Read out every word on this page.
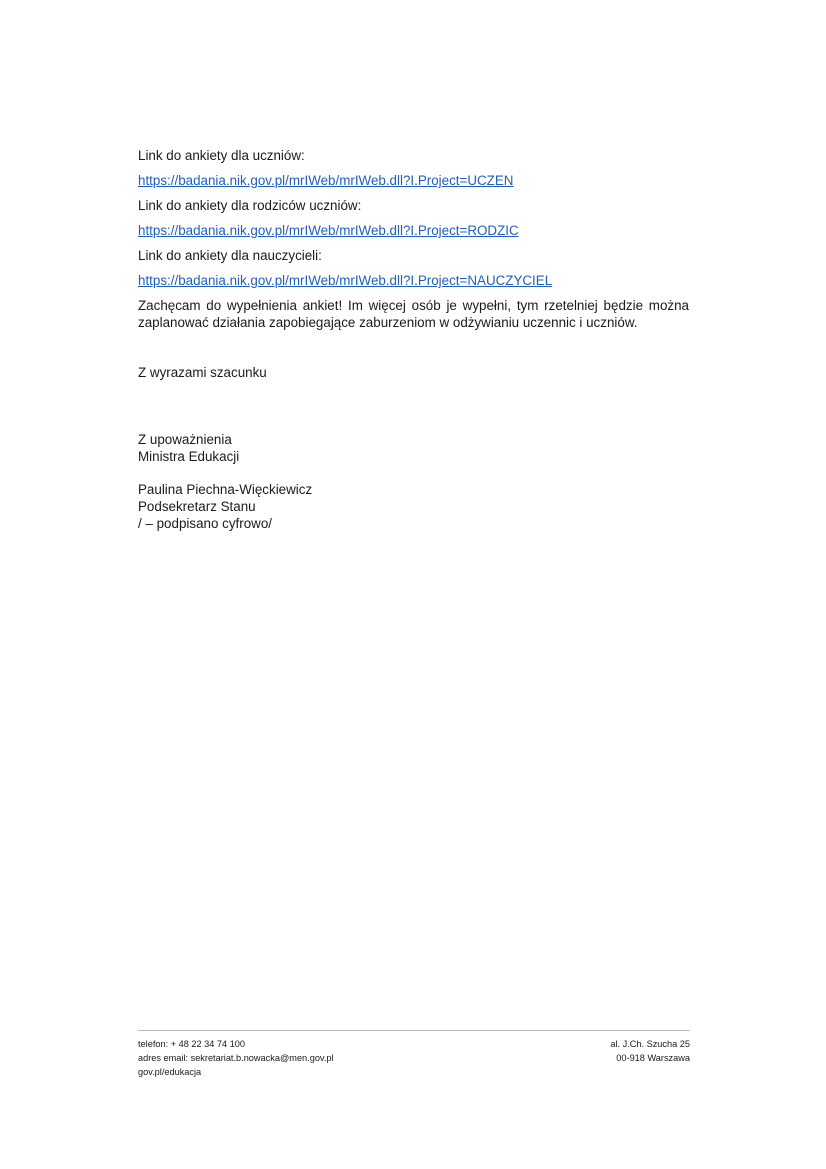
Link do ankiety dla uczniów:

https://badania.nik.gov.pl/mrIWeb/mrIWeb.dll?I.Project=UCZEN

Link do ankiety dla rodziców uczniów:

https://badania.nik.gov.pl/mrIWeb/mrIWeb.dll?I.Project=RODZIC

Link do ankiety dla nauczycieli:

https://badania.nik.gov.pl/mrIWeb/mrIWeb.dll?I.Project=NAUCZYCIEL

Zachęcam do wypełnienia ankiet! Im więcej osób je wypełni, tym rzetelniej będzie można zaplanować działania zapobiegające zaburzeniom w odżywianiu uczennic i uczniów.

Z wyrazami szacunku

Z upoważnienia
Ministra Edukacji
Paulina Piechna-Więckiewicz
Podsekretarz Stanu
/ – podpisano cyfrowo/
telefon: + 48 22 34 74 100
adres email: sekretariat.b.nowacka@men.gov.pl
gov.pl/edukacja
al. J.Ch. Szucha 25
00-918 Warszawa
